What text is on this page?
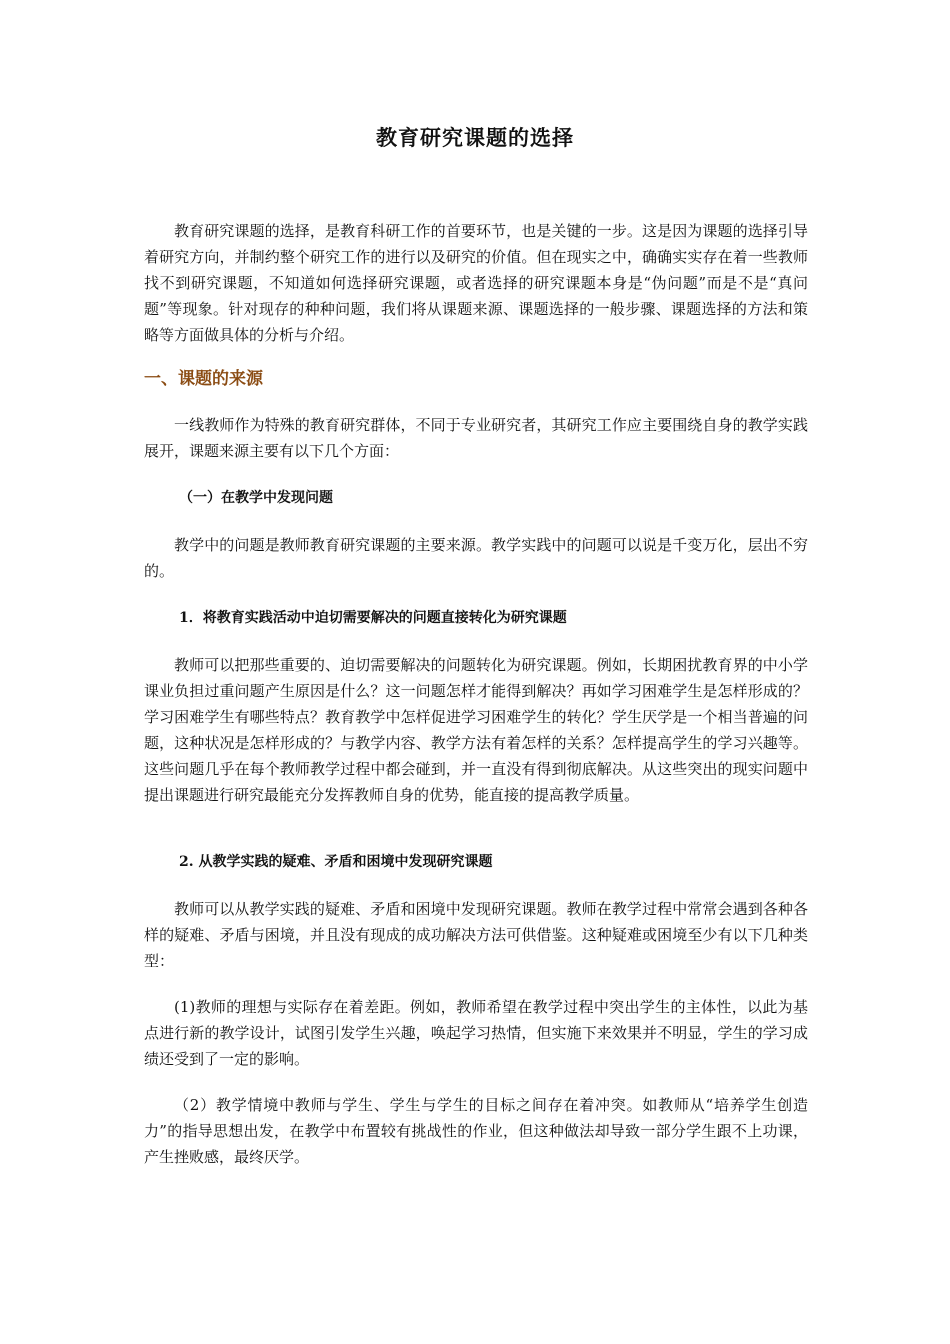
教育研究课题的选择

教育研究课题的选择，是教育科研工作的首要环节，也是关键的一步。这是因为课题的选择引导着研究方向，并制约整个研究工作的进行以及研究的价值。但在现实之中，确确实实存在着一些教师找不到研究课题，不知道如何选择研究课题，或者选择的研究课题本身是“伪问题”而是不是“真问题”等现象。针对现存的种种问题，我们将从课题来源、课题选择的一般步骤、课题选择的方法和策略等方面做具体的分析与介绍。

一、课题的来源

一线教师作为特殊的教育研究群体，不同于专业研究者，其研究工作应主要围绕自身的教学实践展开，课题来源主要有以下几个方面：

（一）在教学中发现问题

教学中的问题是教师教育研究课题的主要来源。教学实践中的问题可以说是千变万化，层出不穷的。

1．将教育实践活动中迫切需要解决的问题直接转化为研究课题

教师可以把那些重要的、迫切需要解决的问题转化为研究课题。例如，长期困扰教育界的中小学课业负担过重问题产生原因是什么？这一问题怎样才能得到解决？再如学习困难学生是怎样形成的？学习困难学生有哪些特点？教育教学中怎样促进学习困难学生的转化？学生厌学是一个相当普遍的问题，这种状况是怎样形成的？与教学内容、教学方法有着怎样的关系？怎样提高学生的学习兴趣等。这些问题几乎在每个教师教学过程中都会碰到，并一直没有得到彻底解决。从这些突出的现实问题中提出课题进行研究最能充分发挥教师自身的优势，能直接的提高教学质量。

2. 从教学实践的疑难、矛盾和困境中发现研究课题

教师可以从教学实践的疑难、矛盾和困境中发现研究课题。教师在教学过程中常常会遇到各种各样的疑难、矛盾与困境，并且没有现成的成功解决方法可供借鉴。这种疑难或困境至少有以下几种类型：

(1)教师的理想与实际存在着差距。例如，教师希望在教学过程中突出学生的主体性，以此为基点进行新的教学设计，试图引发学生兴趣，唤起学习热情，但实施下来效果并不明显，学生的学习成绩还受到了一定的影响。

（2）教学情境中教师与学生、学生与学生的目标之间存在着冲突。如教师从“培养学生创造力”的指导思想出发，在教学中布置较有挑战性的作业，但这种做法却导致一部分学生跟不上功课，产生挫败感，最终厌学。
